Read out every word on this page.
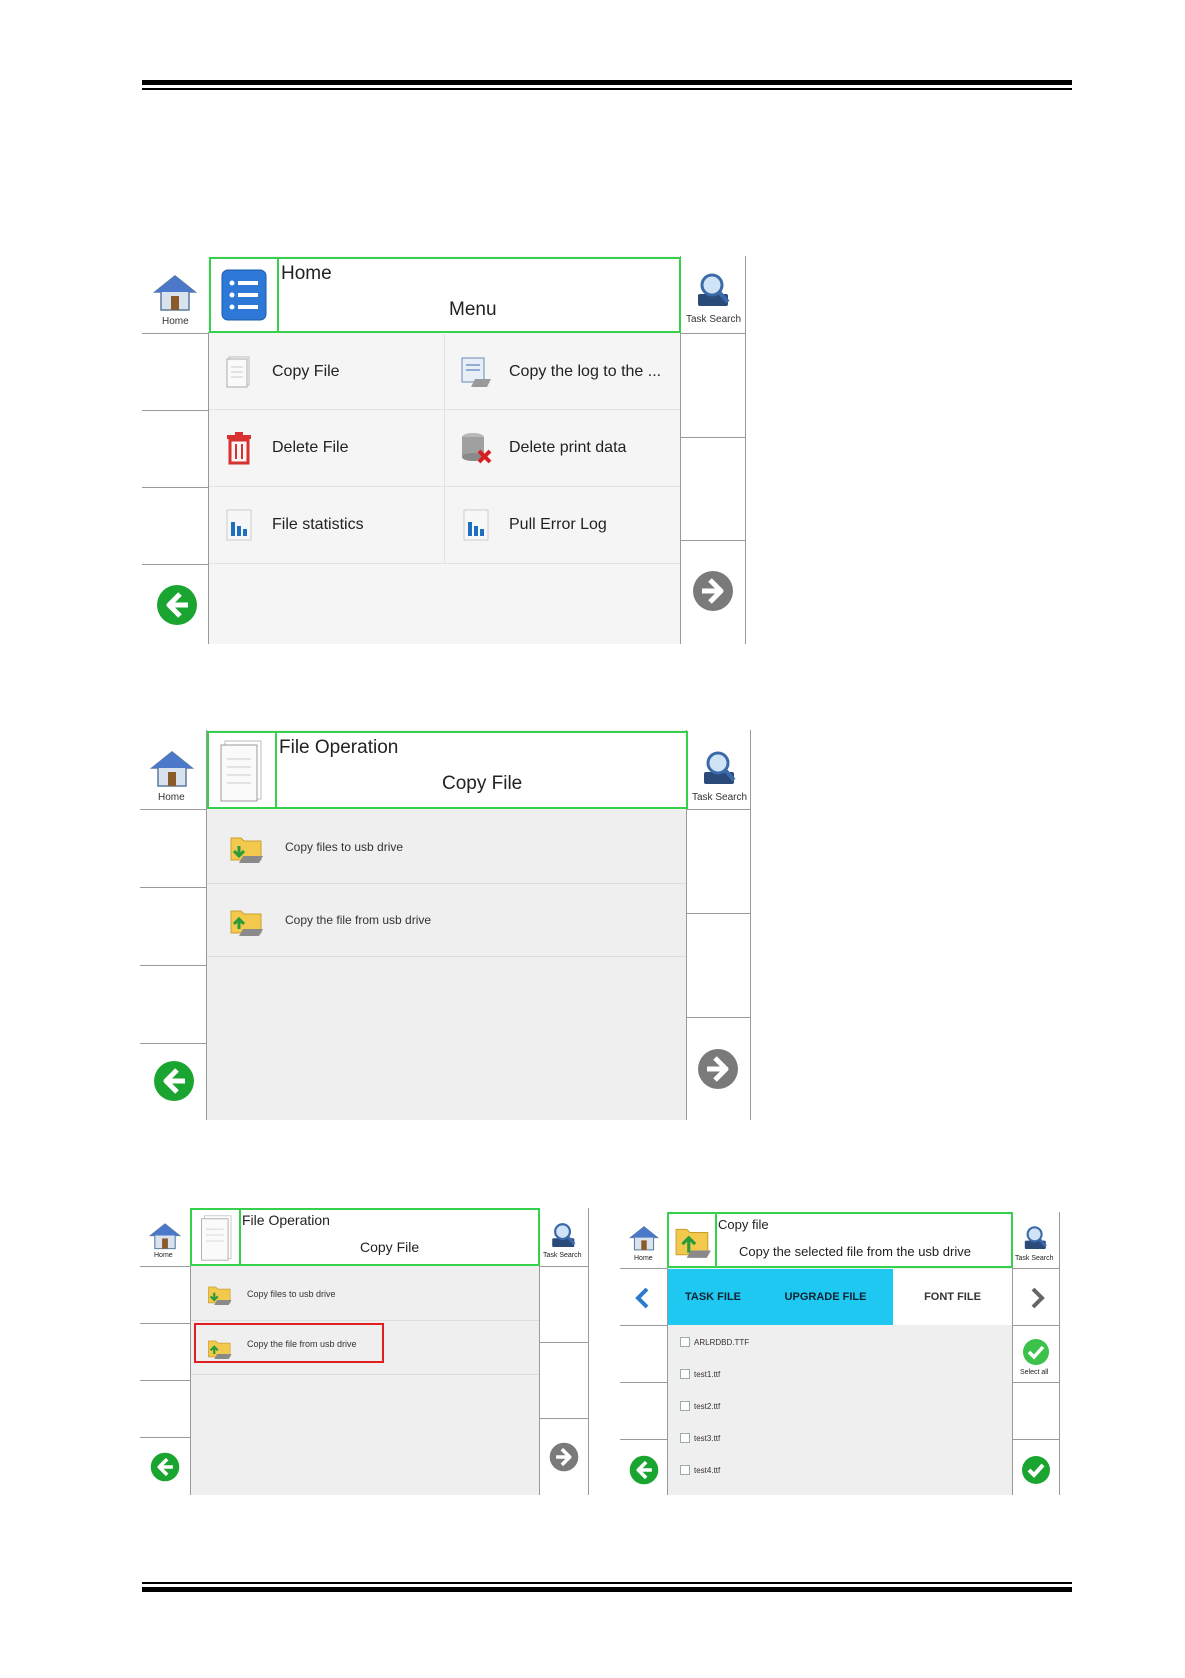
Home
Home
Menu	Task Search
Copy File	Copy the log to the ...
Delete File	Delete print data
File statistics	Pull Error Log
Home
File Operation
Copy File
Task Search
Copy files to usb drive
Copy the file from usb drive
Home
File Operation
Copy File
Task Search
Copy files to usb drive
Copy the file from usb drive
Home
Copy file
Copy the selected file from the usb drive	Task Search
TASK FILE	UPGRADE FILE	FONT FILE
ARLRDBD.TTF
test1.ttf
test2.ttf
test3.ttf
test4.ttf
Select all
